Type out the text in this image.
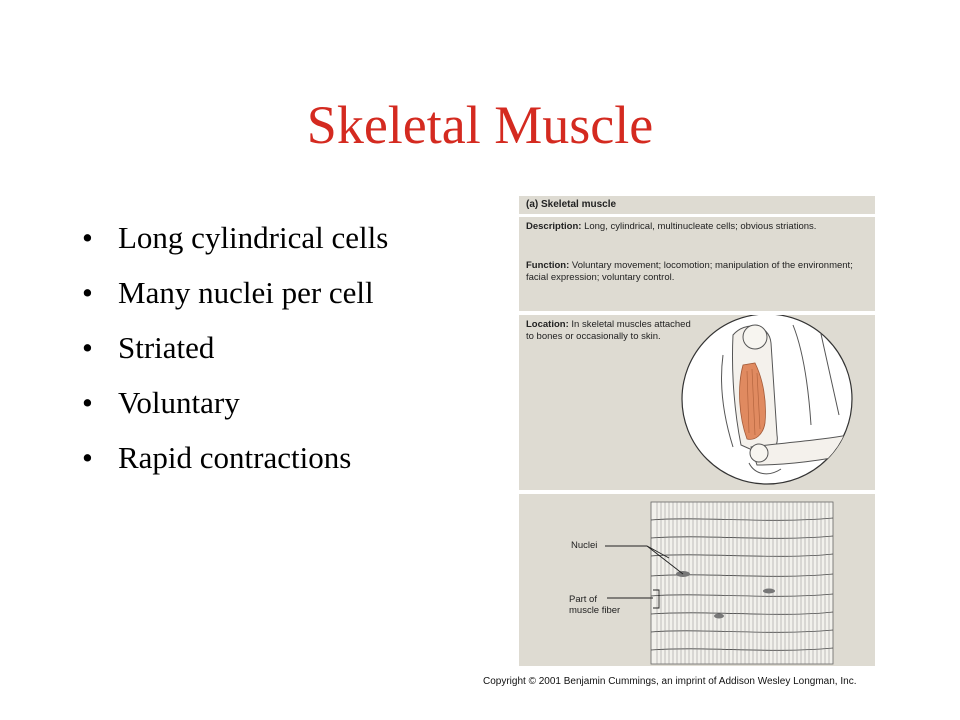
Skeletal Muscle
• Long cylindrical cells
• Many nuclei per cell
• Striated
• Voluntary
• Rapid contractions
(a) Skeletal muscle

Description: Long, cylindrical, multinucleate cells; obvious striations.

Function: Voluntary movement; locomotion; manipulation of the environment; facial expression; voluntary control.

Location: In skeletal muscles attached to bones or occasionally to skin.

Nuclei
Part of muscle fiber
Copyright © 2001 Benjamin Cummings, an imprint of Addison Wesley Longman, Inc.
